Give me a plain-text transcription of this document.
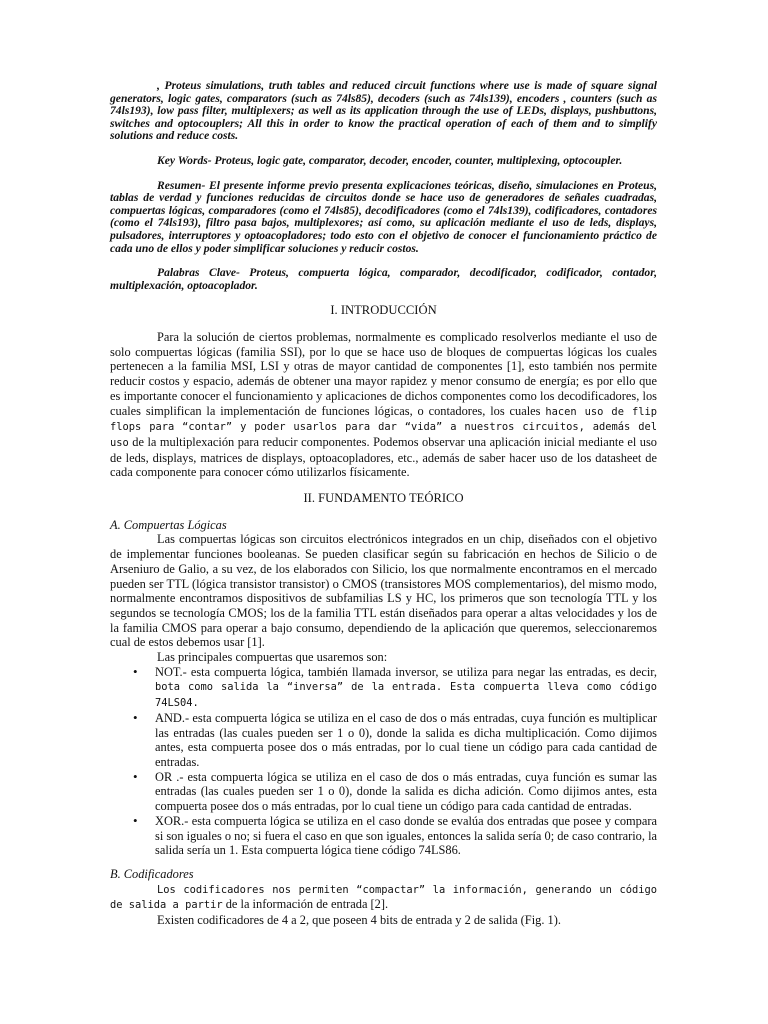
, Proteus simulations, truth tables and reduced circuit functions where use is made of square signal generators, logic gates, comparators (such as 74ls85), decoders (such as 74ls139), encoders , counters (such as 74ls193), low pass filter, multiplexers; as well as its application through the use of LEDs, displays, pushbuttons, switches and optocouplers; All this in order to know the practical operation of each of them and to simplify solutions and reduce costs.

Key Words- Proteus, logic gate, comparator, decoder, encoder, counter, multiplexing, optocoupler.

Resumen- El presente informe previo presenta explicaciones teóricas, diseño, simulaciones en Proteus, tablas de verdad y funciones reducidas de circuitos donde se hace uso de generadores de señales cuadradas, compuertas lógicas, comparadores (como el 74ls85), decodificadores (como el 74ls139), codificadores, contadores (como el 74ls193), filtro pasa bajos, multiplexores; así como, su aplicación mediante el uso de leds, displays, pulsadores, interruptores y optoacopladores; todo esto con el objetivo de conocer el funcionamiento práctico de cada uno de ellos y poder simplificar soluciones y reducir costos.

Palabras Clave- Proteus, compuerta lógica, comparador, decodificador, codificador, contador, multiplexación, optoacoplador.

I. INTRODUCCIÓN

Para la solución de ciertos problemas, normalmente es complicado resolverlos mediante el uso de solo compuertas lógicas (familia SSI), por lo que se hace uso de bloques de compuertas lógicas los cuales pertenecen a la familia MSI, LSI y otras de mayor cantidad de componentes [1], esto también nos permite reducir costos y espacio, además de obtener una mayor rapidez y menor consumo de energía; es por ello que es importante conocer el funcionamiento y aplicaciones de dichos componentes como los decodificadores, los cuales simplifican la implementación de funciones lógicas, o contadores, los cuales hacen uso de flip flops para “contar” y poder usarlos para dar “vida” a nuestros circuitos, además del uso de la multiplexación para reducir componentes. Podemos observar una aplicación inicial mediante el uso de leds, displays, matrices de displays, optoacopladores, etc., además de saber hacer uso de los datasheet de cada componente para conocer cómo utilizarlos físicamente.

II. FUNDAMENTO TEÓRICO
A. Compuertas Lógicas

Las compuertas lógicas son circuitos electrónicos integrados en un chip, diseñados con el objetivo de implementar funciones booleanas. Se pueden clasificar según su fabricación en hechos de Silicio o de Arseniuro de Galio, a su vez, de los elaborados con Silicio, los que normalmente encontramos en el mercado pueden ser TTL (lógica transistor transistor) o CMOS (transistores MOS complementarios), del mismo modo, normalmente encontramos dispositivos de subfamilias LS y HC, los primeros que son tecnología TTL y los segundos se tecnología CMOS; los de la familia TTL están diseñados para operar a altas velocidades y los de la familia CMOS para operar a bajo consumo, dependiendo de la aplicación que queremos, seleccionaremos cual de estos debemos usar [1].

Las principales compuertas que usaremos son:

• NOT.- esta compuerta lógica, también llamada inversor, se utiliza para negar las entradas, es decir, bota como salida la “inversa” de la entrada. Esta compuerta lleva como código 74LS04.
• AND.- esta compuerta lógica se utiliza en el caso de dos o más entradas, cuya función es multiplicar las entradas (las cuales pueden ser 1 o 0), donde la salida es dicha multiplicación. Como dijimos antes, esta compuerta posee dos o más entradas, por lo cual tiene un código para cada cantidad de entradas.
• OR .- esta compuerta lógica se utiliza en el caso de dos o más entradas, cuya función es sumar las entradas (las cuales pueden ser 1 o 0), donde la salida es dicha adición. Como dijimos antes, esta compuerta posee dos o más entradas, por lo cual tiene un código para cada cantidad de entradas.
• XOR.- esta compuerta lógica se utiliza en el caso donde se evalúa dos entradas que posee y compara si son iguales o no; si fuera el caso en que son iguales, entonces la salida sería 0; de caso contrario, la salida sería un 1. Esta compuerta lógica tiene código 74LS86.
B. Codificadores

Los codificadores nos permiten “compactar” la información, generando un código de salida a partir de la información de entrada [2].

Existen codificadores de 4 a 2, que poseen 4 bits de entrada y 2 de salida (Fig. 1).
